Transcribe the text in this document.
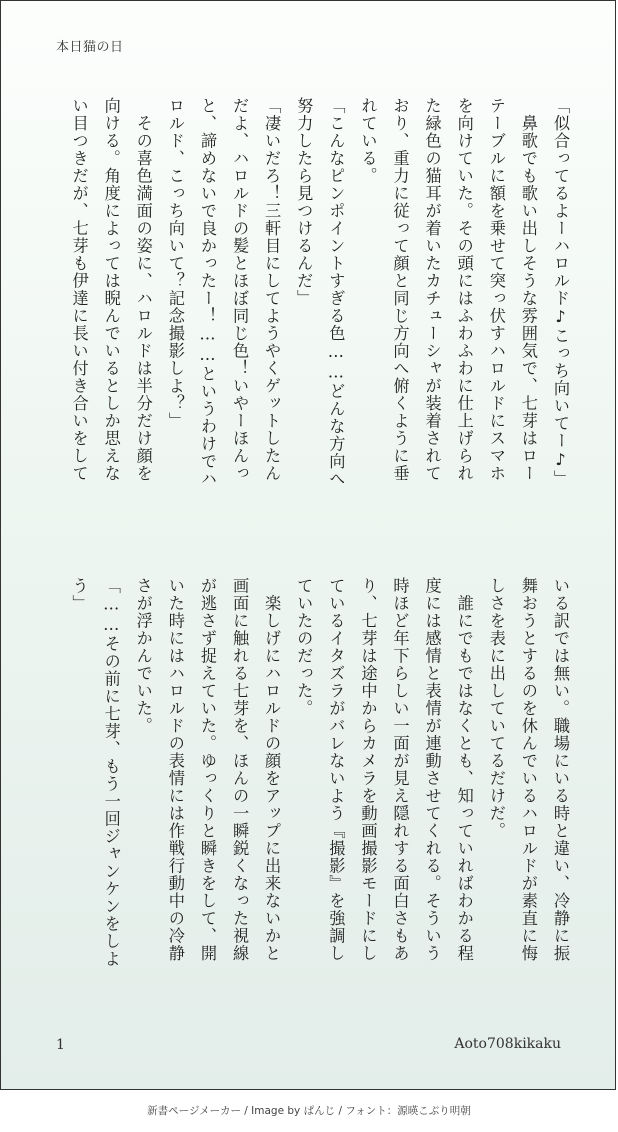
本日猫の日
「似合ってるよーハロルド♪こっち向いてー♪」
　鼻歌でも歌い出しそうな雰囲気で、七芽はロー
テーブルに額を乗せて突っ伏すハロルドにスマホ
を向けていた。その頭にはふわふわに仕上げられ
た緑色の猫耳が着いたカチューシャが装着されて
おり、重力に従って顔と同じ方向へ俯くように垂
れている。
「こんなピンポイントすぎる色……どんな方向へ
努力したら見つけるんだ」
「凄いだろ！三軒目にしてようやくゲットしたん
だよ、ハロルドの髪とほぼ同じ色！いやーほんっ
と、諦めないで良かったー！……というわけでハ
ロルド、こっち向いて？記念撮影しよ？」
　その喜色満面の姿に、ハロルドは半分だけ顔を
向ける。角度によっては睨んでいるとしか思えな
い目つきだが、七芽も伊達に長い付き合いをして
いる訳では無い。職場にいる時と違い、冷静に振
舞おうとするのを休んでいるハロルドが素直に悔
しさを表に出していてるだけだ。
　誰にでもではなくとも、知っていればわかる程
度には感情と表情が連動させてくれる。そういう
時ほど年下らしい一面が見え隠れする面白さもあ
り、七芽は途中からカメラを動画撮影モードにし
ているイタズラがバレないよう『撮影』を強調し
ていたのだった。
　楽しげにハロルドの顔をアップに出来ないかと
画面に触れる七芽を、ほんの一瞬鋭くなった視線
が逃さず捉えていた。ゆっくりと瞬きをして、開
いた時にはハロルドの表情には作戦行動中の冷静
さが浮かんでいた。
「……その前に七芽、もう一回ジャンケンをしよ
う」
1	Aoto708kikaku
新書ページメーカー / Image by ぱんじ / フォント：源暎こぶり明朝
